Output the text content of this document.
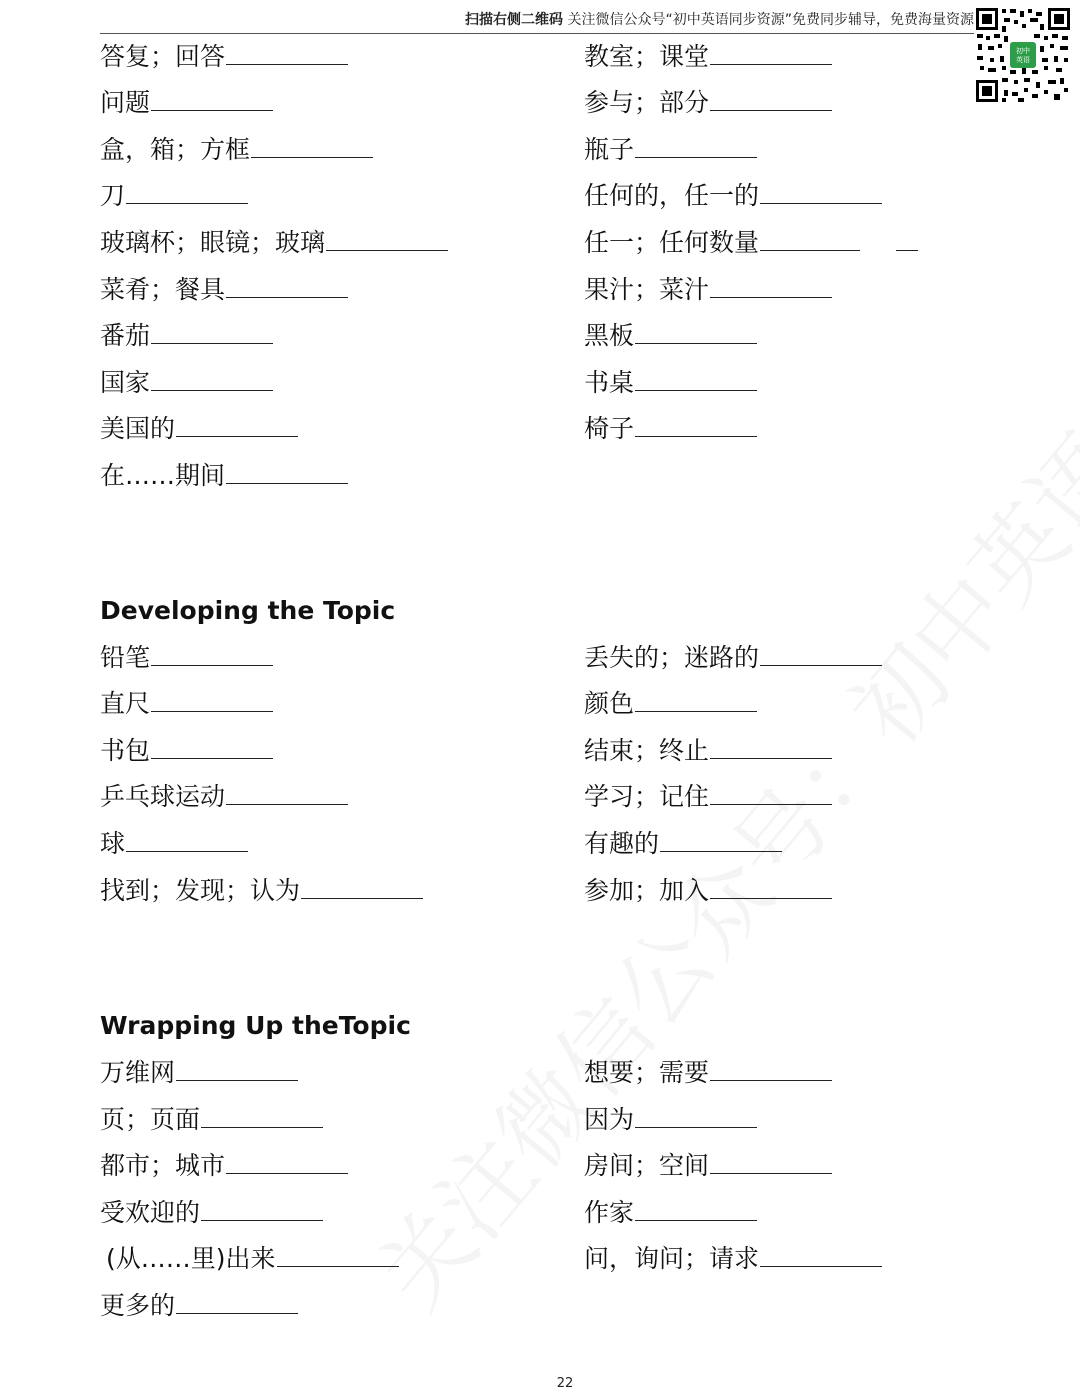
扫描右侧二维码 关注微信公众号“初中英语同步资源”免费同步辅导，免费海量资源
初中
英语
答复；回答
问题
盒，箱；方框
刀
玻璃杯；眼镜；玻璃
菜肴；餐具
番茄
国家
美国的
在……期间
教室；课堂
参与；部分
瓶子
任何的，任一的
任一；任何数量
果汁；菜汁
黑板
书桌
椅子
Developing the Topic
铅笔
直尺
书包
乒乓球运动
球
找到；发现；认为
丢失的；迷路的
颜色
结束；终止
学习；记住
有趣的
参加；加入
Wrapping Up theTopic
万维网
页；页面
都市；城市
受欢迎的
(从……里)出来
更多的
想要；需要
因为
房间；空间
作家
问，询问；请求
22
